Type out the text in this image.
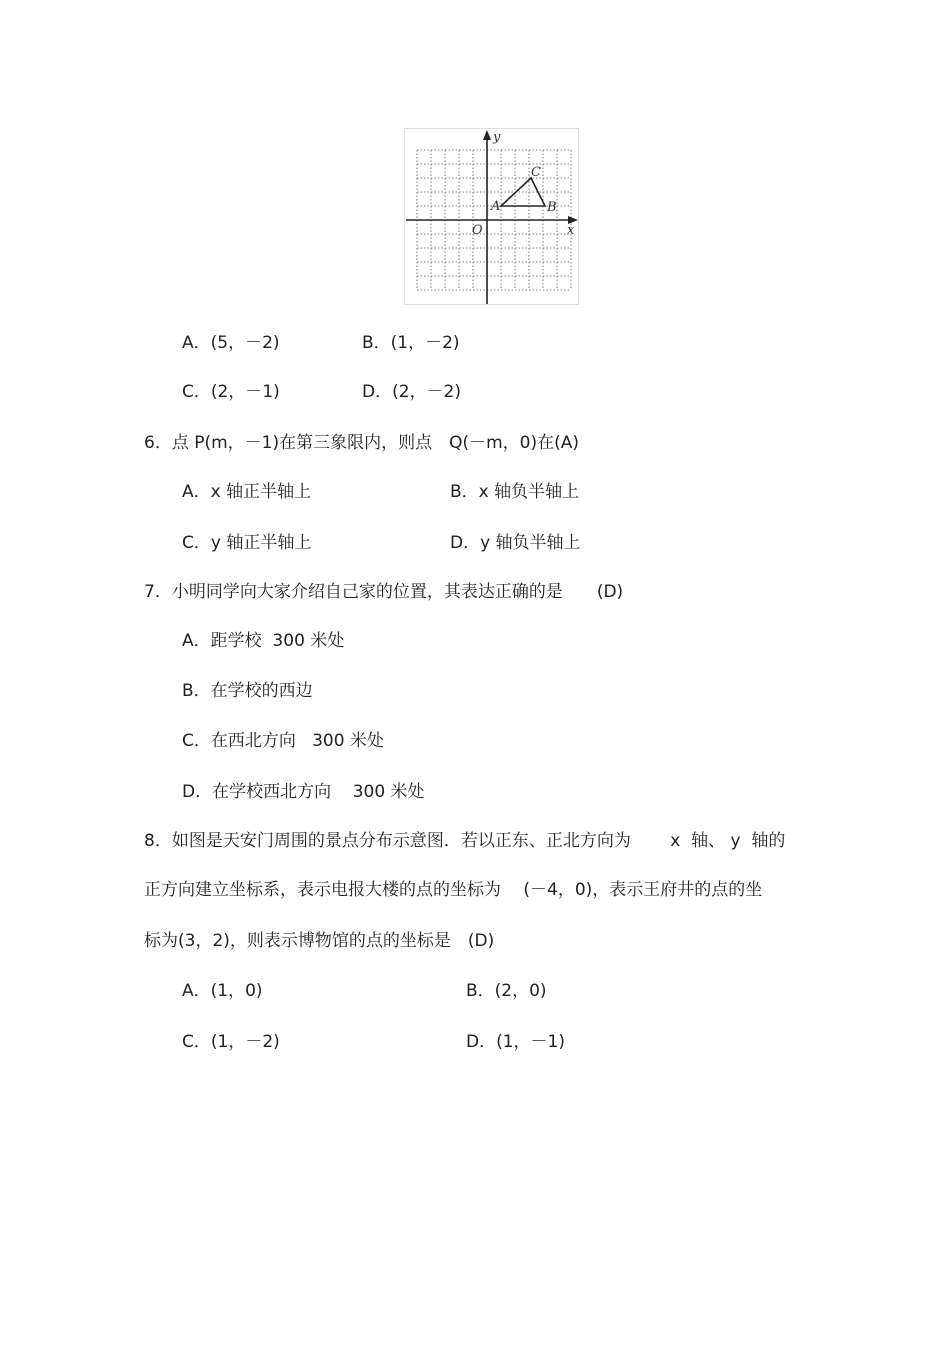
x
y
O
A	B
C
A．(5，－2)	B．(1，－2)
C．(2，－1)	D．(2，－2)
6．点 P(m，－1)在第三象限内，则点　Q(－m，0)在(A)
A．x 轴正半轴上	B．x 轴负半轴上
C．y 轴正半轴上	D．y 轴负半轴上
7．小明同学向大家介绍自己家的位置，其表达正确的是　　(D)
A．距学校  300 米处
B．在学校的西边
C．在西北方向   300 米处
D．在学校西北方向    300 米处
8．如图是天安门周围的景点分布示意图．若以正东、正北方向为　　 x  轴、 y  轴的
正方向建立坐标系，表示电报大楼的点的坐标为　 (－4，0)，表示王府井的点的坐
标为(3，2)，则表示博物馆的点的坐标是　(D)
A．(1，0)	B．(2，0)
C．(1，－2)	D．(1，－1)
